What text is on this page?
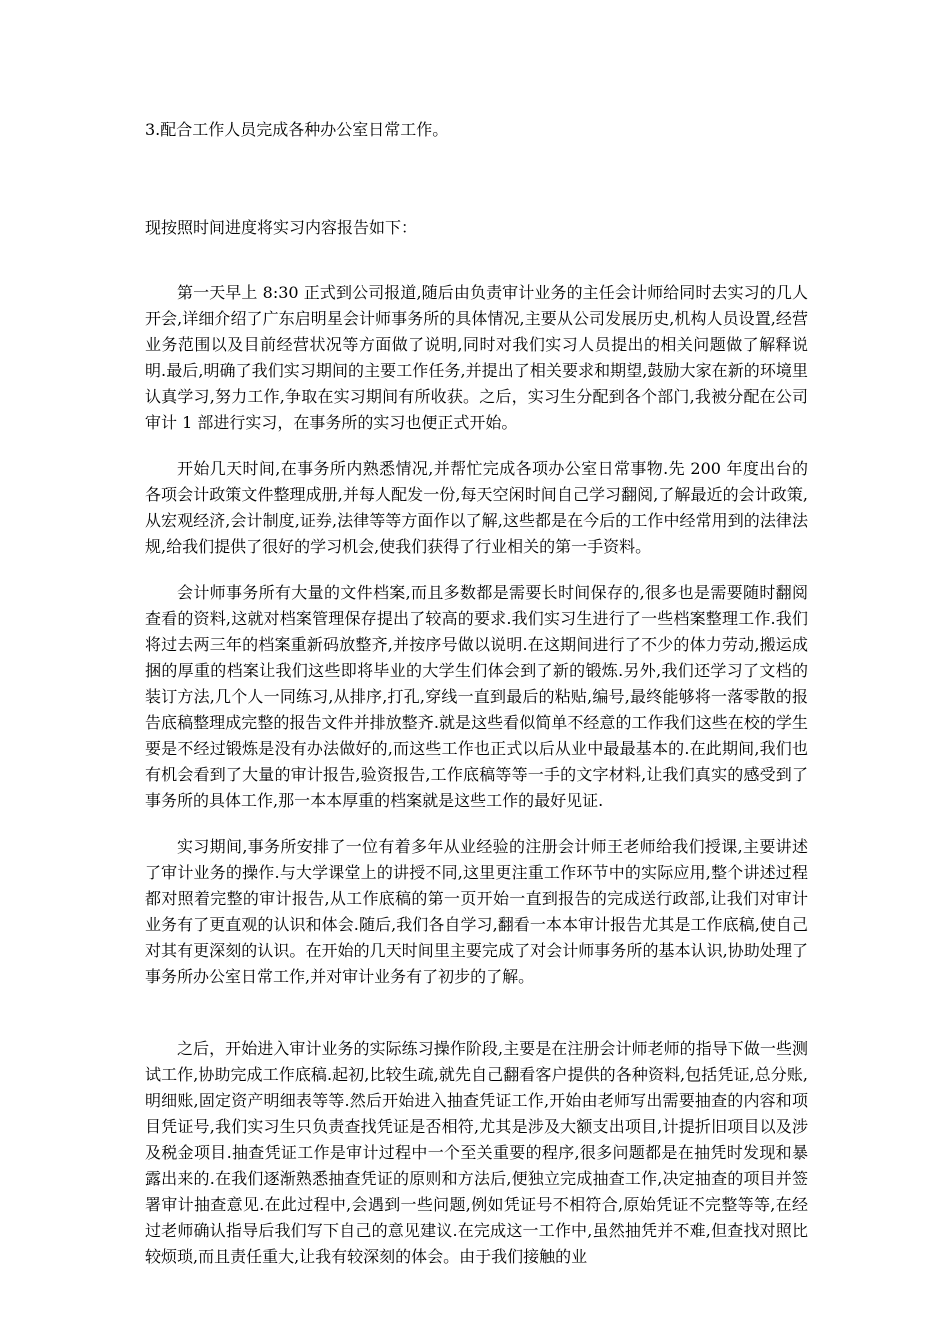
3.配合工作人员完成各种办公室日常工作。
现按照时间进度将实习内容报告如下：

第一天早上 8:30 正式到公司报道,随后由负责审计业务的主任会计师给同时去实习的几人开会,详细介绍了广东启明星会计师事务所的具体情况,主要从公司发展历史,机构人员设置,经营业务范围以及目前经营状况等方面做了说明,同时对我们实习人员提出的相关问题做了解释说明.最后,明确了我们实习期间的主要工作任务,并提出了相关要求和期望,鼓励大家在新的环境里认真学习,努力工作,争取在实习期间有所收获。之后，实习生分配到各个部门,我被分配在公司审计 1 部进行实习，在事务所的实习也便正式开始。

开始几天时间,在事务所内熟悉情况,并帮忙完成各项办公室日常事物.先 200 年度出台的各项会计政策文件整理成册,并每人配发一份,每天空闲时间自己学习翻阅,了解最近的会计政策,从宏观经济,会计制度,证券,法律等等方面作以了解,这些都是在今后的工作中经常用到的法律法规,给我们提供了很好的学习机会,使我们获得了行业相关的第一手资料。

会计师事务所有大量的文件档案,而且多数都是需要长时间保存的,很多也是需要随时翻阅查看的资料,这就对档案管理保存提出了较高的要求.我们实习生进行了一些档案整理工作.我们将过去两三年的档案重新码放整齐,并按序号做以说明.在这期间进行了不少的体力劳动,搬运成捆的厚重的档案让我们这些即将毕业的大学生们体会到了新的锻炼.另外,我们还学习了文档的装订方法,几个人一同练习,从排序,打孔,穿线一直到最后的粘贴,编号,最终能够将一落零散的报告底稿整理成完整的报告文件并排放整齐.就是这些看似简单不经意的工作我们这些在校的学生要是不经过锻炼是没有办法做好的,而这些工作也正式以后从业中最最基本的.在此期间,我们也有机会看到了大量的审计报告,验资报告,工作底稿等等一手的文字材料,让我们真实的感受到了事务所的具体工作,那一本本厚重的档案就是这些工作的最好见证.

实习期间,事务所安排了一位有着多年从业经验的注册会计师王老师给我们授课,主要讲述了审计业务的操作.与大学课堂上的讲授不同,这里更注重工作环节中的实际应用,整个讲述过程都对照着完整的审计报告,从工作底稿的第一页开始一直到报告的完成送行政部,让我们对审计业务有了更直观的认识和体会.随后,我们各自学习,翻看一本本审计报告尤其是工作底稿,使自己对其有更深刻的认识。在开始的几天时间里主要完成了对会计师事务所的基本认识,协助处理了事务所办公室日常工作,并对审计业务有了初步的了解。

之后，开始进入审计业务的实际练习操作阶段,主要是在注册会计师老师的指导下做一些测试工作,协助完成工作底稿.起初,比较生疏,就先自己翻看客户提供的各种资料,包括凭证,总分账,明细账,固定资产明细表等等.然后开始进入抽查凭证工作,开始由老师写出需要抽查的内容和项目凭证号,我们实习生只负责查找凭证是否相符,尤其是涉及大额支出项目,计提折旧项目以及涉及税金项目.抽查凭证工作是审计过程中一个至关重要的程序,很多问题都是在抽凭时发现和暴露出来的.在我们逐渐熟悉抽查凭证的原则和方法后,便独立完成抽查工作,决定抽查的项目并签署审计抽查意见.在此过程中,会遇到一些问题,例如凭证号不相符合,原始凭证不完整等等,在经过老师确认指导后我们写下自己的意见建议.在完成这一工作中,虽然抽凭并不难,但查找对照比较烦琐,而且责任重大,让我有较深刻的体会。由于我们接触的业
